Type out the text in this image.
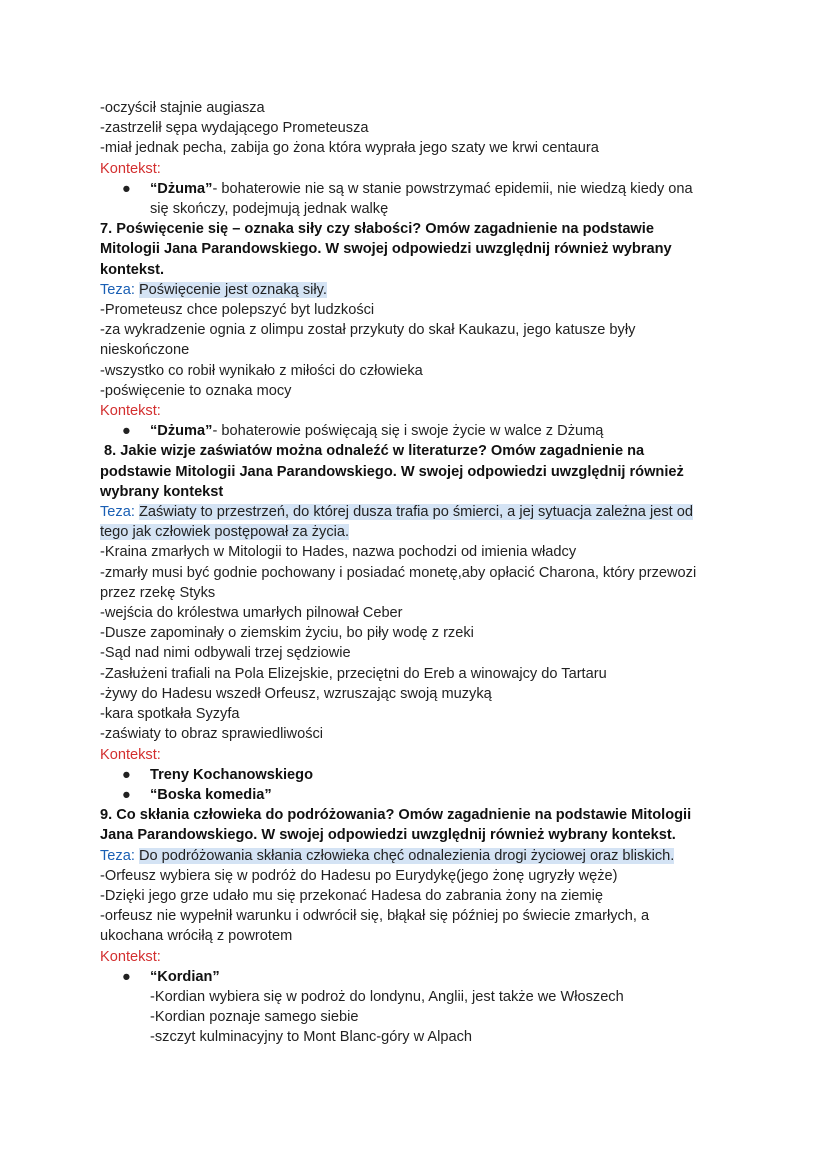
-oczyścił stajnie augiasza
-zastrzelił sępa wydającego Prometeusza
-miał jednak pecha, zabija go żona która wyprała jego szaty we krwi centaura
Kontekst:
● “Dżuma”- bohaterowie nie są w stanie powstrzymać epidemii, nie wiedzą kiedy ona
się skończy, podejmują jednak walkę
7. Poświęcenie się – oznaka siły czy słabości? Omów zagadnienie na podstawie
Mitologii Jana Parandowskiego. W swojej odpowiedzi uwzględnij również wybrany
kontekst.
Teza: Poświęcenie jest oznaką siły.
-Prometeusz chce polepszyć byt ludzkości
-za wykradzenie ognia z olimpu został przykuty do skał Kaukazu, jego katusze były
nieskończone
-wszystko co robił wynikało z miłości do człowieka
-poświęcenie to oznaka mocy
Kontekst:
● “Dżuma”- bohaterowie poświęcają się i swoje życie w walce z Dżumą
8. Jakie wizje zaświatów można odnaleźć w literaturze? Omów zagadnienie na
podstawie Mitologii Jana Parandowskiego. W swojej odpowiedzi uwzględnij również
wybrany kontekst
Teza: Zaświaty to przestrzeń, do której dusza trafia po śmierci, a jej sytuacja zależna jest od
tego jak człowiek postępował za życia.
-Kraina zmarłych w Mitologii to Hades, nazwa pochodzi od imienia władcy
-zmarły musi być godnie pochowany i posiadać monetę,aby opłacić Charona, który przewozi
przez rzekę Styks
-wejścia do królestwa umarłych pilnował Ceber
-Dusze zapominały o ziemskim życiu, bo piły wodę z rzeki
-Sąd nad nimi odbywali trzej sędziowie
-Zasłużeni trafiali na Pola Elizejskie, przeciętni do Ereb a winowajcy do Tartaru
-żywy do Hadesu wszedł Orfeusz, wzruszając swoją muzyką
-kara spotkała Syzyfa
-zaświaty to obraz sprawiedliwości
Kontekst:
● Treny Kochanowskiego
● “Boska komedia”
9. Co skłania człowieka do podróżowania? Omów zagadnienie na podstawie Mitologii
Jana Parandowskiego. W swojej odpowiedzi uwzględnij również wybrany kontekst.
Teza: Do podróżowania skłania człowieka chęć odnalezienia drogi życiowej oraz bliskich.
-Orfeusz wybiera się w podróż do Hadesu po Eurydykę(jego żonę ugryzły węże)
-Dzięki jego grze udało mu się przekonać Hadesa do zabrania żony na ziemię
-orfeusz nie wypełnił warunku i odwrócił się, błąkał się później po świecie zmarłych, a
ukochana wróciłą z powrotem
Kontekst:
● “Kordian”
-Kordian wybiera się w podroż do londynu, Anglii, jest także we Włoszech
-Kordian poznaje samego siebie
-szczyt kulminacyjny to Mont Blanc-góry w Alpach
